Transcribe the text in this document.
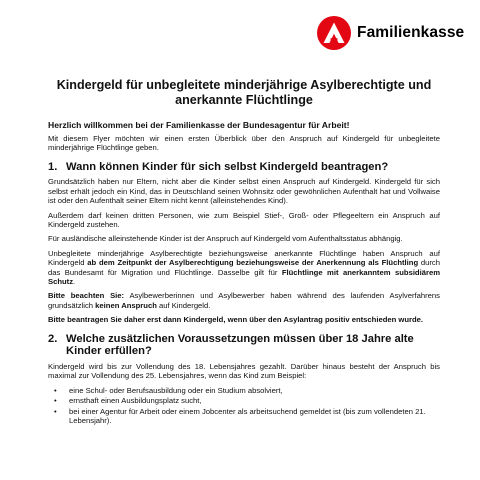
Familienkasse
Kindergeld für unbegleitete minderjährige Asylberechtigte und anerkannte Flüchtlinge
Herzlich willkommen bei der Familienkasse der Bundesagentur für Arbeit!

Mit diesem Flyer möchten wir einen ersten Überblick über den Anspruch auf Kindergeld für unbegleitete minderjährige Flüchtlinge geben.

1. Wann können Kinder für sich selbst Kindergeld beantragen?

Grundsätzlich haben nur Eltern, nicht aber die Kinder selbst einen Anspruch auf Kindergeld. Kindergeld für sich selbst erhält jedoch ein Kind, das in Deutschland seinen Wohnsitz oder gewöhnlichen Aufenthalt hat und Vollwaise ist oder den Aufenthalt seiner Eltern nicht kennt (alleinstehendes Kind).

Außerdem darf keinen dritten Personen, wie zum Beispiel Stief-, Groß- oder Pflegeeltern ein Anspruch auf Kindergeld zustehen.

Für ausländische alleinstehende Kinder ist der Anspruch auf Kindergeld vom Aufenthaltsstatus abhängig.

Unbegleitete minderjährige Asylberechtigte beziehungsweise anerkannte Flüchtlinge haben Anspruch auf Kindergeld ab dem Zeitpunkt der Asylberechtigung beziehungsweise der Anerkennung als Flüchtling durch das Bundesamt für Migration und Flüchtlinge. Dasselbe gilt für Flüchtlinge mit anerkanntem subsidiärem Schutz.

Bitte beachten Sie: Asylbewerberinnen und Asylbewerber haben während des laufenden Asylverfahrens grundsätzlich keinen Anspruch auf Kindergeld.

Bitte beantragen Sie daher erst dann Kindergeld, wenn über den Asylantrag positiv entschieden wurde.

2. Welche zusätzlichen Voraussetzungen müssen über 18 Jahre alte Kinder erfüllen?

Kindergeld wird bis zur Vollendung des 18. Lebensjahres gezahlt. Darüber hinaus besteht der Anspruch bis maximal zur Vollendung des 25. Lebensjahres, wenn das Kind zum Beispiel:

•	eine Schul- oder Berufsausbildung oder ein Studium absolviert,
•	ernsthaft einen Ausbildungsplatz sucht,
•	bei einer Agentur für Arbeit oder einem Jobcenter als arbeitsuchend gemeldet ist (bis zum vollendeten 21. Lebensjahr).
